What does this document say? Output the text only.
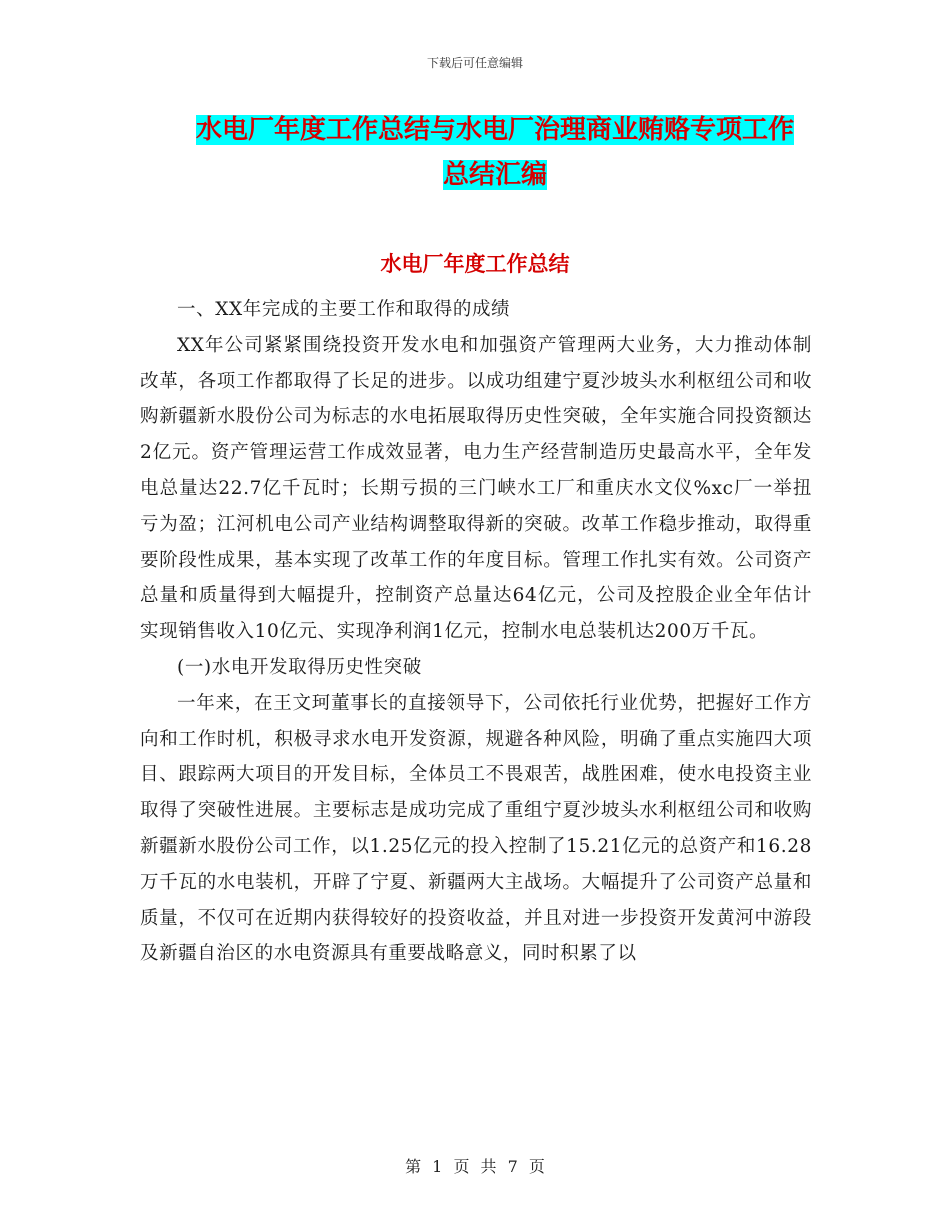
下载后可任意编辑
水电厂年度工作总结与水电厂治理商业贿赂专项工作
总结汇编
水电厂年度工作总结

一、XX年完成的主要工作和取得的成绩

XX年公司紧紧围绕投资开发水电和加强资产管理两大业务，大力推动体制改革，各项工作都取得了长足的进步。以成功组建宁夏沙坡头水利枢纽公司和收购新疆新水股份公司为标志的水电拓展取得历史性突破，全年实施合同投资额达2亿元。资产管理运营工作成效显著，电力生产经营制造历史最高水平，全年发电总量达22.7亿千瓦时；长期亏损的三门峡水工厂和重庆水文仪%xc厂一举扭亏为盈；江河机电公司产业结构调整取得新的突破。改革工作稳步推动，取得重要阶段性成果，基本实现了改革工作的年度目标。管理工作扎实有效。公司资产总量和质量得到大幅提升，控制资产总量达64亿元，公司及控股企业全年估计实现销售收入10亿元、实现净利润1亿元，控制水电总装机达200万千瓦。

(一)水电开发取得历史性突破

一年来，在王文珂董事长的直接领导下，公司依托行业优势，把握好工作方向和工作时机，积极寻求水电开发资源，规避各种风险，明确了重点实施四大项目、跟踪两大项目的开发目标，全体员工不畏艰苦，战胜困难，使水电投资主业取得了突破性进展。主要标志是成功完成了重组宁夏沙坡头水利枢纽公司和收购新疆新水股份公司工作，以1.25亿元的投入控制了15.21亿元的总资产和16.28万千瓦的水电装机，开辟了宁夏、新疆两大主战场。大幅提升了公司资产总量和质量，不仅可在近期内获得较好的投资收益，并且对进一步投资开发黄河中游段及新疆自治区的水电资源具有重要战略意义，同时积累了以

第 1 页 共 7 页
